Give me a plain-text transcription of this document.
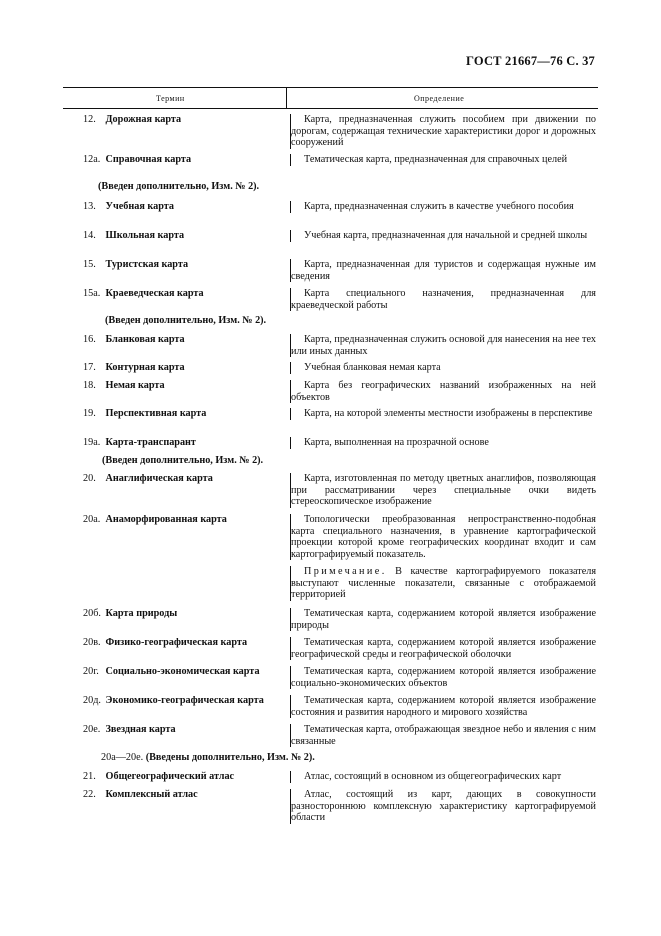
ГОСТ 21667—76 С. 37
Термин	Определение
12. Дорожная карта	Карта, предназначенная служить пособием при движении по дорогам, содержащая технические характеристики дорог и дорожных сооружений
12а. Справочная карта	Тематическая карта, предназначенная для справочных целей
(Введен дополнительно, Изм. № 2).
13. Учебная карта	Карта, предназначенная служить в качестве учебного пособия
14. Школьная карта	Учебная карта, предназначенная для начальной и средней школы
15. Туристская карта	Карта, предназначенная для туристов и содержащая нужные им сведения
15а. Краеведческая карта	Карта специального назначения, предназначенная для краеведческой работы
(Введен дополнительно, Изм. № 2).
16. Бланковая карта	Карта, предназначенная служить основой для нанесения на нее тех или иных данных
17. Контурная карта	Учебная бланковая немая карта
18. Немая карта	Карта без географических названий изображенных на ней объектов
19. Перспективная карта	Карта, на которой элементы местности изображены в перспективе
19а. Карта-транспарант	Карта, выполненная на прозрачной основе
(Введен дополнительно, Изм. № 2).
20. Анаглифическая карта	Карта, изготовленная по методу цветных анаглифов, позволяющая при рассматривании через специальные очки видеть стереоскопическое изображение
20а. Анаморфированная карта	Топологически преобразованная непространственно-подобная карта специального назначения, в уравнение картографической проекции которой кроме географических координат входит и сам картографируемый показатель.
Примечание. В качестве картографируемого показателя выступают численные показатели, связанные с отображаемой территорией
20б. Карта природы	Тематическая карта, содержанием которой является изображение природы
20в. Физико-географическая карта	Тематическая карта, содержанием которой является изображение географической среды и географической оболочки
20г. Социально-экономическая карта	Тематическая карта, содержанием которой является изображение социально-экономических объектов
20д. Экономико-географическая карта	Тематическая карта, содержанием которой является изображение состояния и развития народного и мирового хозяйства
20е. Звездная карта	Тематическая карта, отображающая звездное небо и явления с ним связанные
20а—20е. (Введены дополнительно, Изм. № 2).
21. Общегеографический атлас	Атлас, состоящий в основном из общегеографических карт
22. Комплексный атлас	Атлас, состоящий из карт, дающих в совокупности разностороннюю комплексную характеристику картографируемой области
